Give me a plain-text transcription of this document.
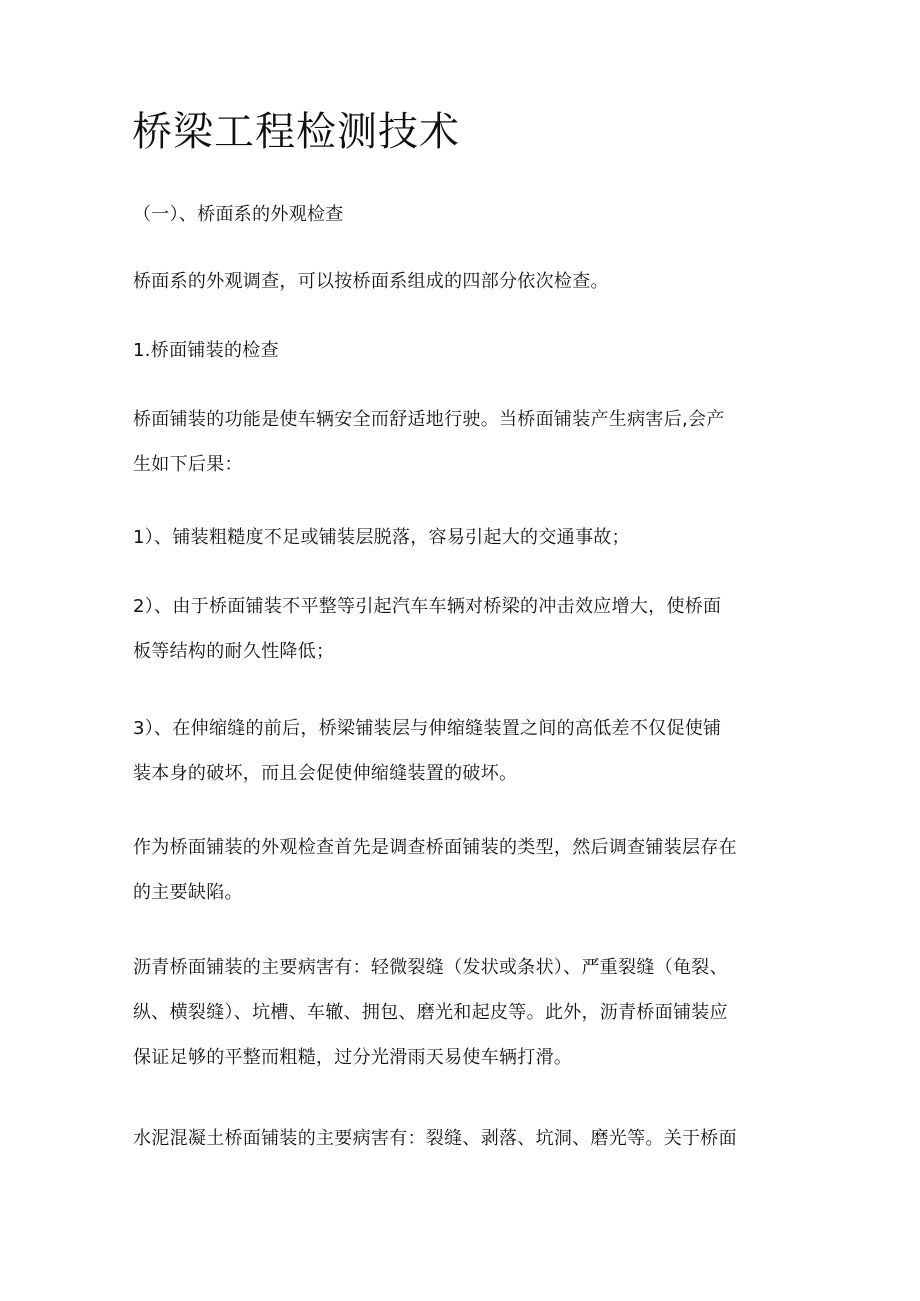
桥梁工程检测技术

（一）、桥面系的外观检查

桥面系的外观调查，可以按桥面系组成的四部分依次检查。

1.桥面铺装的检查

桥面铺装的功能是使车辆安全而舒适地行驶。当桥面铺装产生病害后,会产
生如下后果：

1）、铺装粗糙度不足或铺装层脱落，容易引起大的交通事故；

2）、由于桥面铺装不平整等引起汽车车辆对桥梁的冲击效应增大，使桥面
板等结构的耐久性降低；

3）、在伸缩缝的前后，桥梁铺装层与伸缩缝装置之间的高低差不仅促使铺
装本身的破坏，而且会促使伸缩缝装置的破坏。

作为桥面铺装的外观检查首先是调查桥面铺装的类型，然后调查铺装层存在
的主要缺陷。

沥青桥面铺装的主要病害有：轻微裂缝（发状或条状）、严重裂缝（龟裂、
纵、横裂缝）、坑槽、车辙、拥包、磨光和起皮等。此外，沥青桥面铺装应
保证足够的平整而粗糙，过分光滑雨天易使车辆打滑。

水泥混凝土桥面铺装的主要病害有：裂缝、剥落、坑洞、磨光等。关于桥面
